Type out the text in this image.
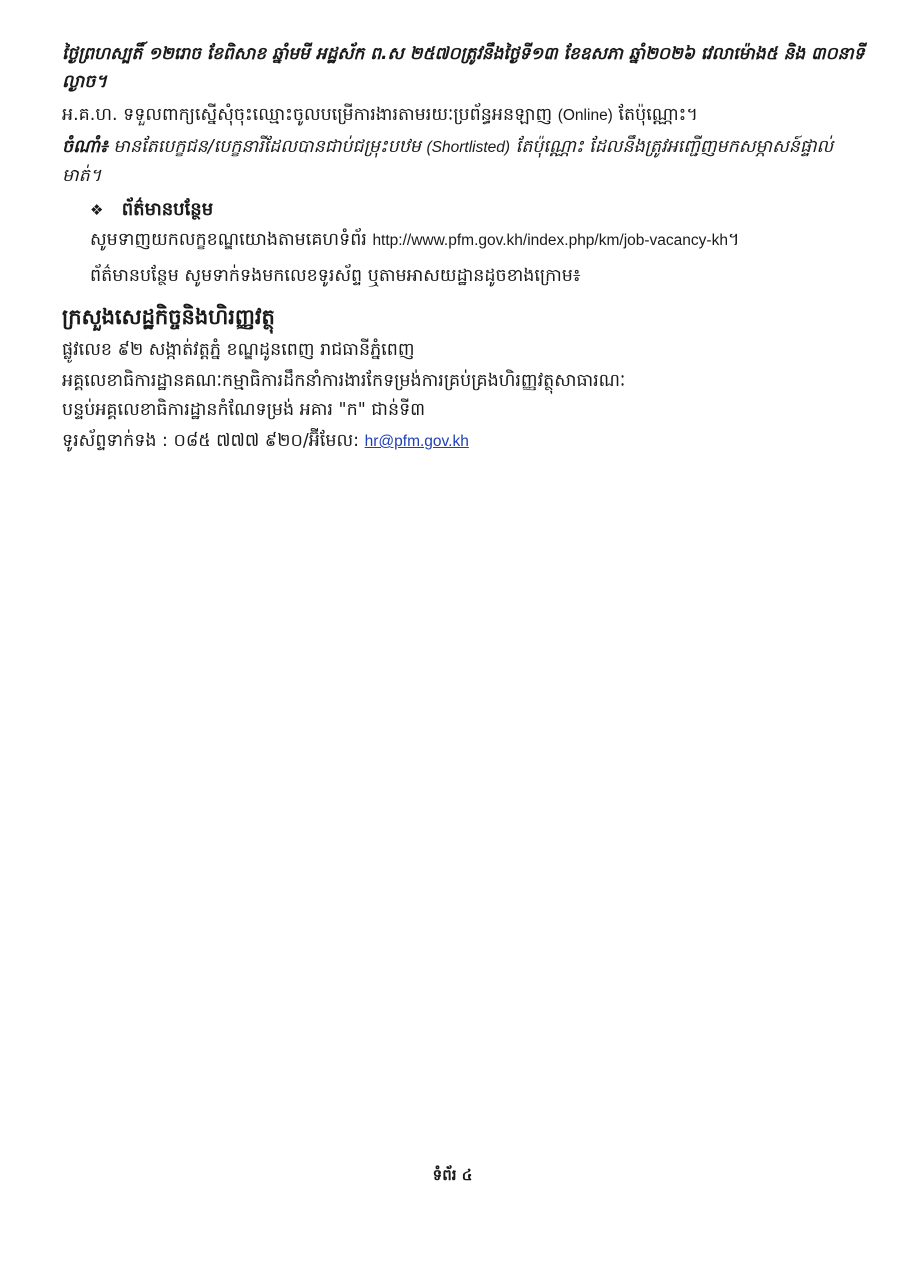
ថ្ងៃព្រហស្បតិ៍ ១២រោច ខែពិសាខ ឆ្នាំមមី អដ្ឋស័ក ព.ស ២៥៧០ត្រូវនឹងថ្ងៃទី១៣ ខែឧសភា ឆ្នាំ២០២៦ វេលាម៉ោង៥ និង ៣០នាទី
ល្ងាច។
អ.គ.ហ. ទទួលពាក្យស្នើសុំចុះឈ្មោះចូលបម្រើការងារតាមរយៈប្រព័ន្ធអនឡាញ (Online) តែប៉ុណ្ណោះ។
ចំណាំ៖ មានតែបេក្ខជន/បេក្ខនារីដែលបានជាប់ជម្រុះបឋម (Shortlisted) តែប៉ុណ្ណោះ ដែលនឹងត្រូវអញ្ជើញមកសម្ភាសន៍ផ្ទាល់
មាត់។
❖ ព័ត៌មានបន្ថែម
សូមទាញយកលក្ខខណ្ឌយោងតាមគេហទំព័រ http://www.pfm.gov.kh/index.php/km/job-vacancy-kh។
ព័ត៌មានបន្ថែម សូមទាក់ទងមកលេខទូរស័ព្ទ ឬតាមអាសយដ្ឋានដូចខាងក្រោម៖
ក្រសួងសេដ្ឋកិច្ចនិងហិរញ្ញវត្ថុ
ផ្លូវលេខ ៩២ សង្កាត់វត្តភ្នំ ខណ្ឌដូនពេញ រាជធានីភ្នំពេញ
អគ្គលេខាធិការដ្ឋានគណៈកម្មាធិការដឹកនាំការងារកែទម្រង់ការគ្រប់គ្រងហិរញ្ញវត្ថុសាធារណៈ
បន្ទប់អគ្គលេខាធិការដ្ឋានកំណែទម្រង់ អគារ "ក" ជាន់ទី៣
ទូរស័ព្ទទាក់ទង : ០៨៥ ៧៧៧ ៩២០/អ៊ីមែល: hr@pfm.gov.kh
ទំព័រ ៤
